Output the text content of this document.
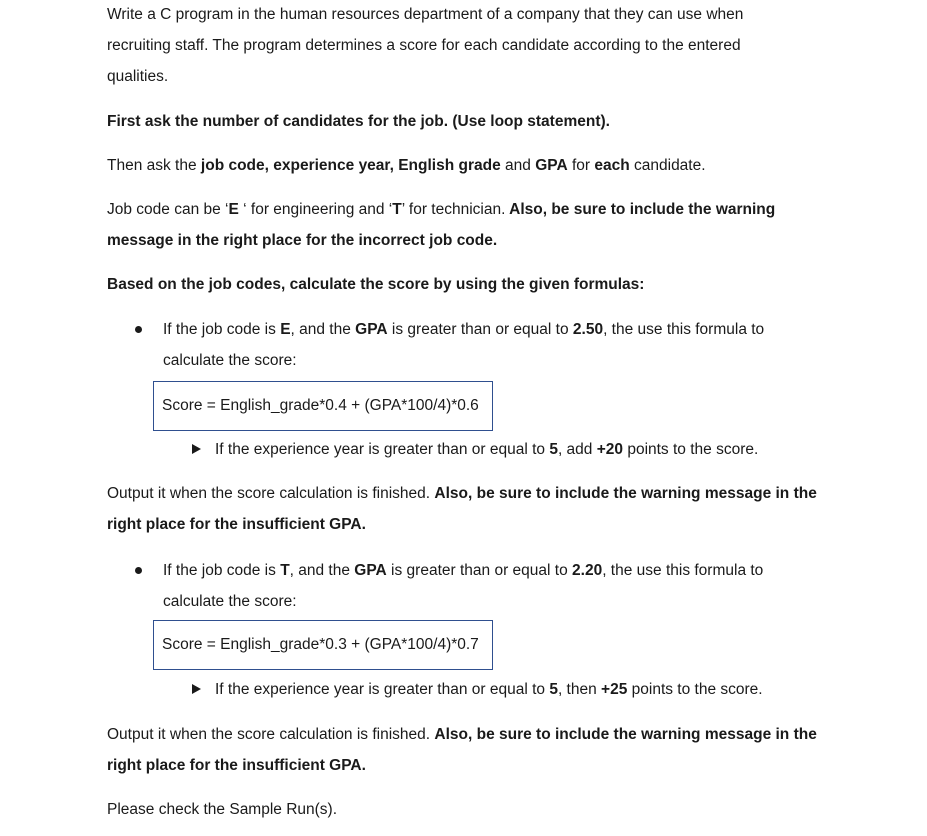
Write a C program in the human resources department of a company that they can use when
recruiting staff. The program determines a score for each candidate according to the entered
qualities.
First ask the number of candidates for the job. (Use loop statement).
Then ask the job code, experience year, English grade and GPA for each candidate.
Job code can be ‘E ‘ for engineering and ‘T’ for technician. Also, be sure to include the warning
message in the right place for the incorrect job code.
Based on the job codes, calculate the score by using the given formulas:
If the job code is E, and the GPA is greater than or equal to 2.50, the use this formula to
calculate the score:
Score = English_grade*0.4 + (GPA*100/4)*0.6
If the experience year is greater than or equal to 5, add +20 points to the score.
Output it when the score calculation is finished. Also, be sure to include the warning message in the
right place for the insufficient GPA.
If the job code is T, and the GPA is greater than or equal to 2.20, the use this formula to
calculate the score:
Score = English_grade*0.3 + (GPA*100/4)*0.7
If the experience year is greater than or equal to 5, then +25 points to the score.
Output it when the score calculation is finished. Also, be sure to include the warning message in the
right place for the insufficient GPA.
Please check the Sample Run(s).
